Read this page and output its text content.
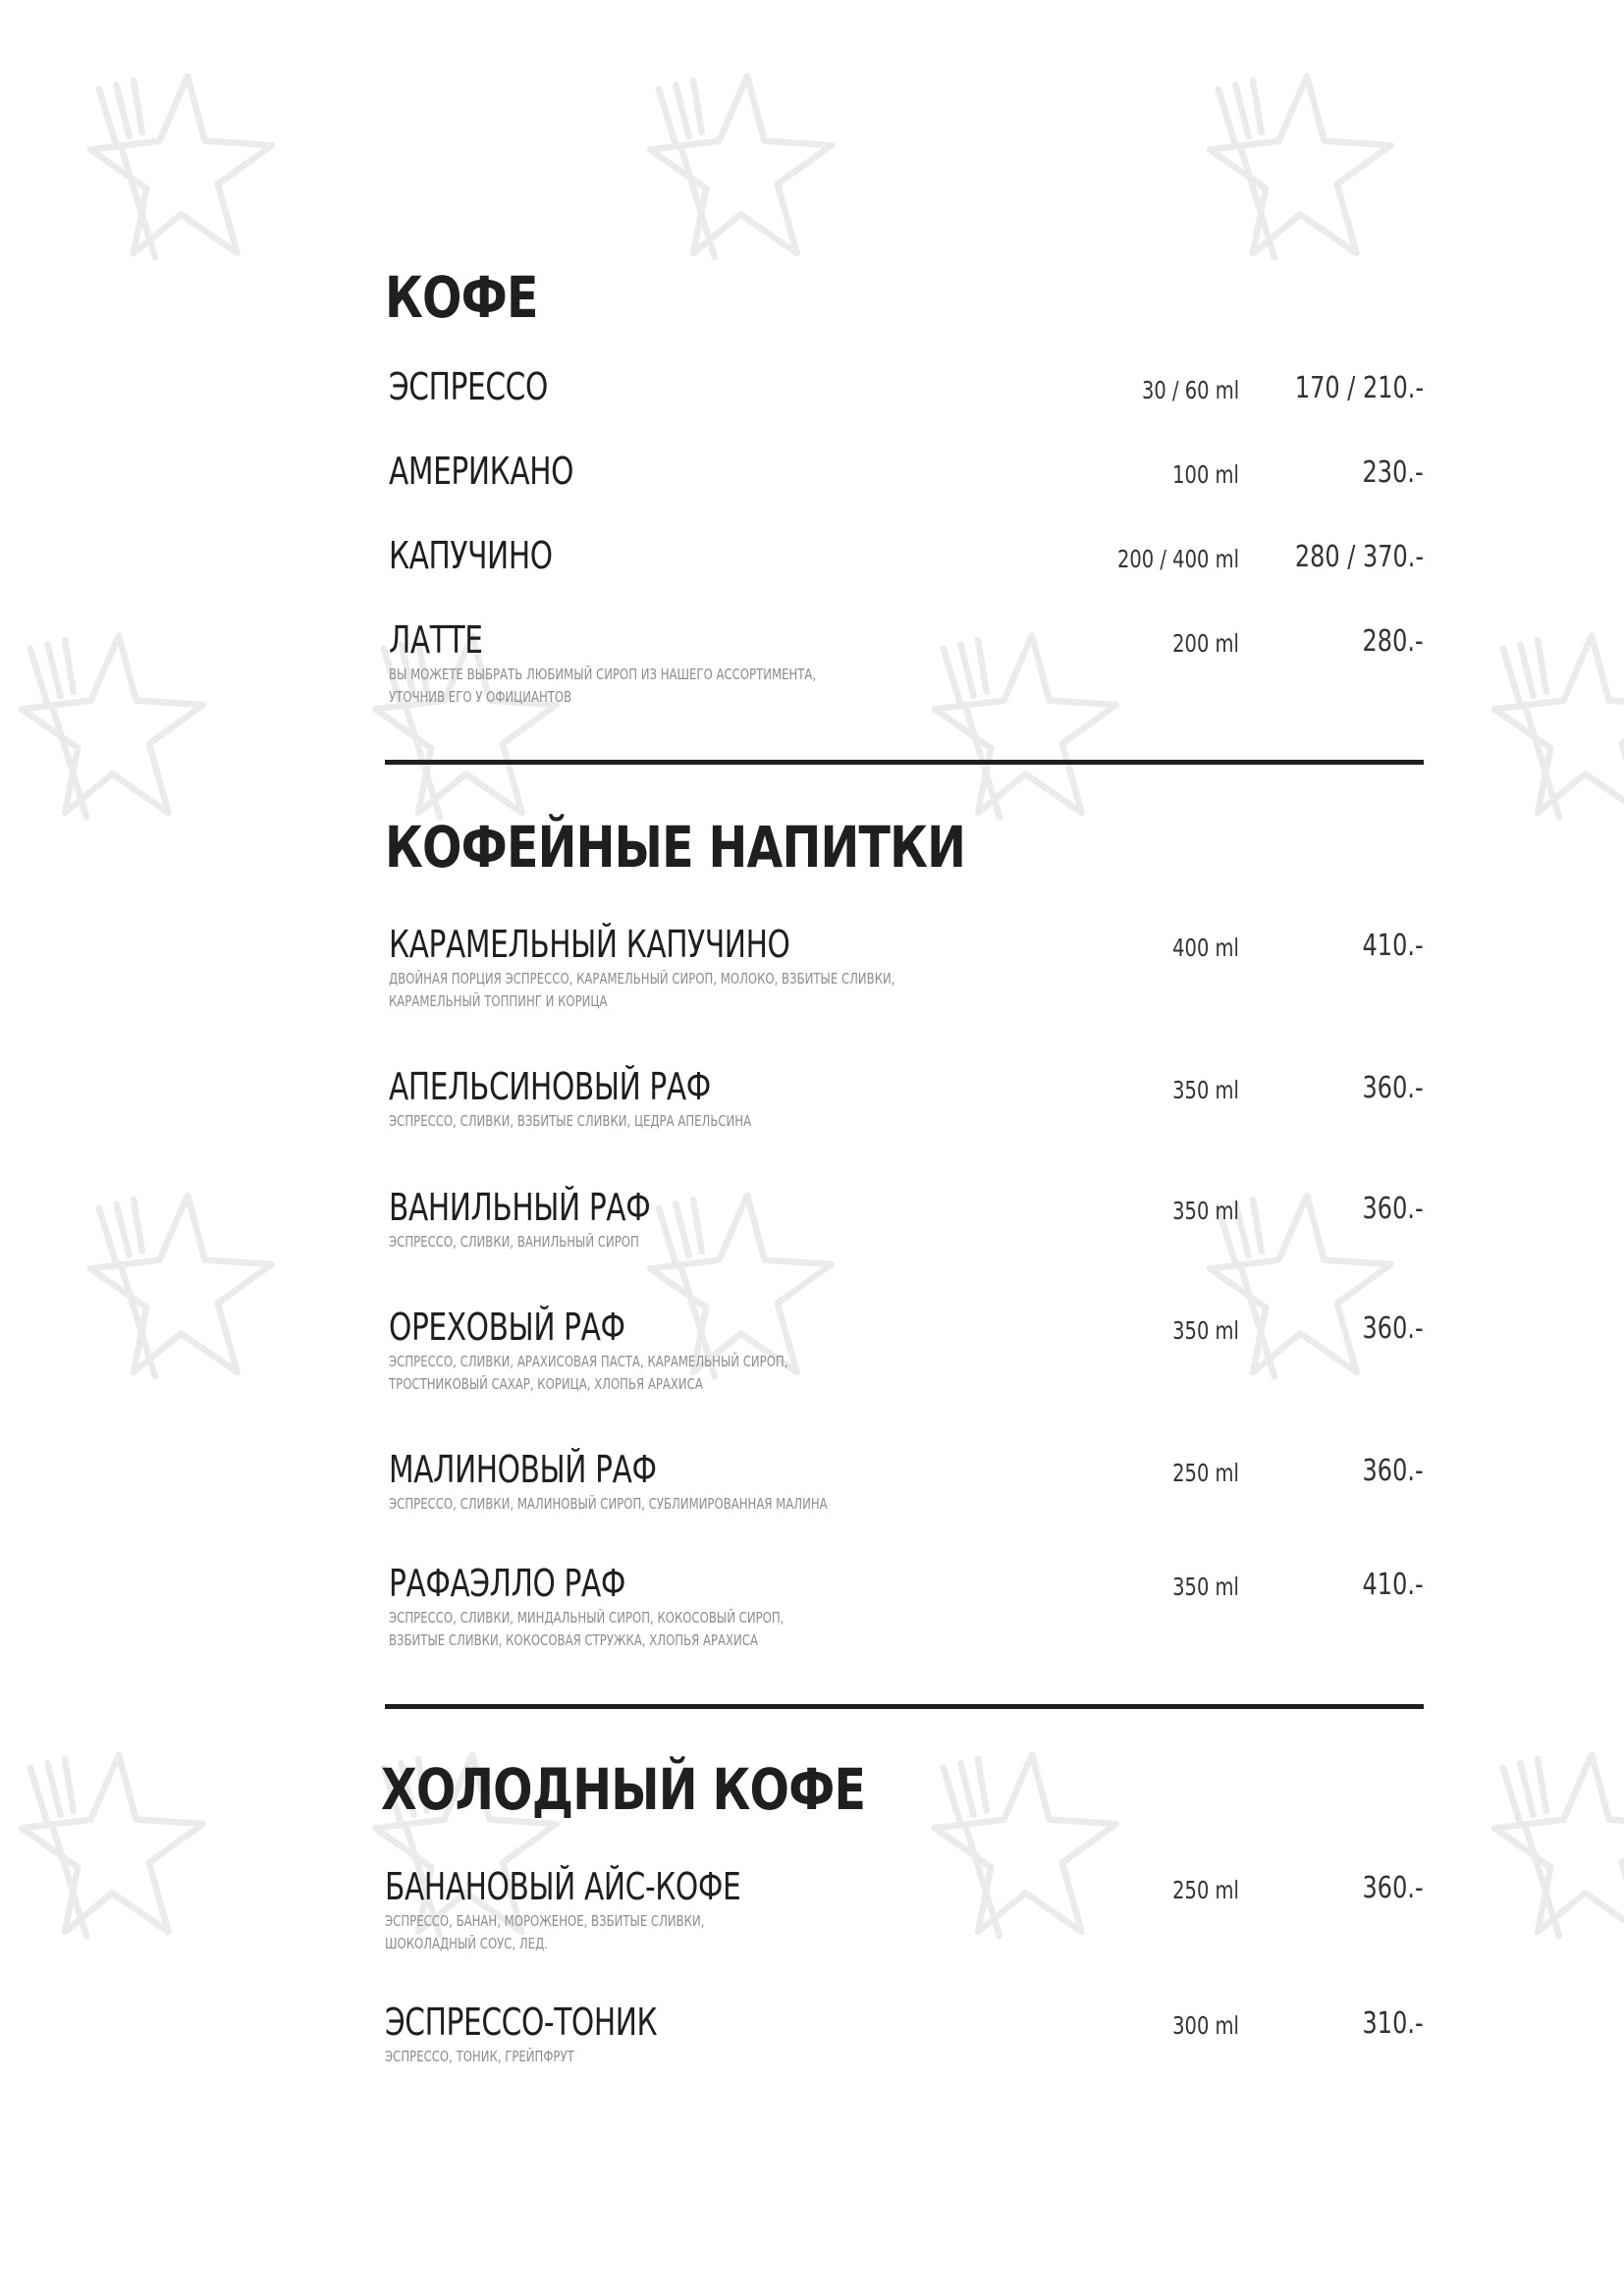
КОФЕ
ЭСПРЕССО	30 / 60 ml 170 / 210.-
АМЕРИКАНО	100 ml	230.-
КАПУЧИНО	200 / 400 ml 280 / 370.-
ЛАТТЕ	200 ml	280.-
ВЫ МОЖЕТЕ ВЫБРАТЬ ЛЮБИМЫЙ СИРОП ИЗ НАШЕГО АССОРТИМЕНТА,
УТОЧНИВ ЕГО У ОФИЦИАНТОВ
КОФЕЙНЫЕ НАПИТКИ
КАРАМЕЛЬНЫЙ КАПУЧИНО	400 ml	410.-
ДВОЙНАЯ ПОРЦИЯ ЭСПРЕССО, КАРАМЕЛЬНЫЙ СИРОП, МОЛОКО, ВЗБИТЫЕ СЛИВКИ,
КАРАМЕЛЬНЫЙ ТОППИНГ И КОРИЦА
АПЕЛЬСИНОВЫЙ РАФ	350 ml	360.-
ЭСПРЕССО, СЛИВКИ, ВЗБИТЫЕ СЛИВКИ, ЦЕДРА АПЕЛЬСИНА
ВАНИЛЬНЫЙ РАФ	350 ml	360.-
ЭСПРЕССО, СЛИВКИ, ВАНИЛЬНЫЙ СИРОП
ОРЕХОВЫЙ РАФ	350 ml	360.-
ЭСПРЕССО, СЛИВКИ, АРАХИСОВАЯ ПАСТА, КАРАМЕЛЬНЫЙ СИРОП,
ТРОСТНИКОВЫЙ САХАР, КОРИЦА, ХЛОПЬЯ АРАХИСА
МАЛИНОВЫЙ РАФ	250 ml	360.-
ЭСПРЕССО, СЛИВКИ, МАЛИНОВЫЙ СИРОП, СУБЛИМИРОВАННАЯ МАЛИНА
РАФАЭЛЛО РАФ	350 ml	410.-
ЭСПРЕССО, СЛИВКИ, МИНДАЛЬНЫЙ СИРОП, КОКОСОВЫЙ СИРОП,
ВЗБИТЫЕ СЛИВКИ, КОКОСОВАЯ СТРУЖКА, ХЛОПЬЯ АРАХИСА
ХОЛОДНЫЙ КОФЕ
БАНАНОВЫЙ АЙС-КОФЕ	250 ml	360.-
ЭСПРЕССО, БАНАН, МОРОЖЕНОЕ, ВЗБИТЫЕ СЛИВКИ,
ШОКОЛАДНЫЙ СОУС, ЛЕД.
ЭСПРЕССО-ТОНИК	300 ml	310.-
ЭСПРЕССО, ТОНИК, ГРЕЙПФРУТ
